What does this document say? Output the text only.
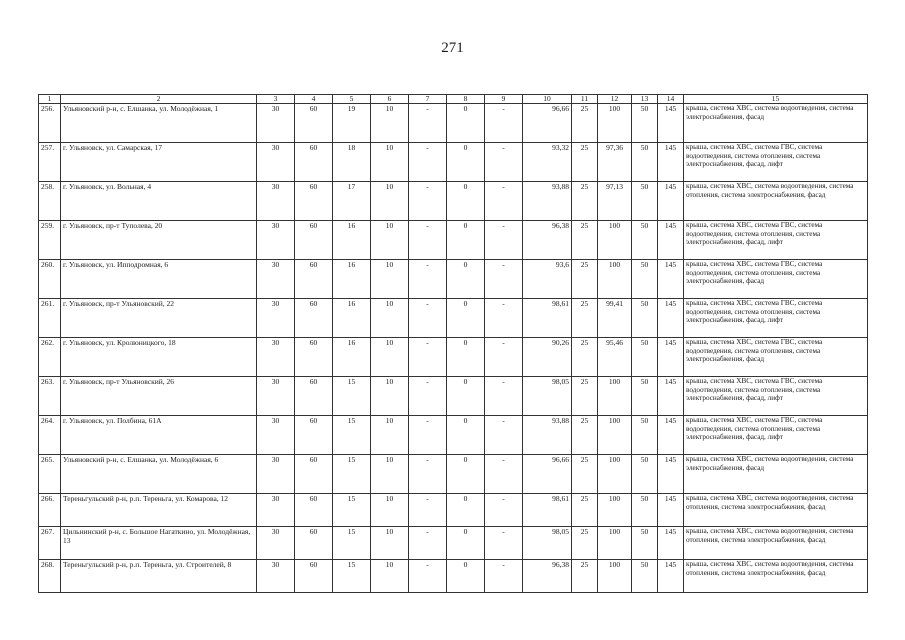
271
1	2	3	4	5	6	7	8	9	10	11	12	13	14	15
256.	Ульяновский р-н, с. Елшанка, ул. Молодёжная, 1	30	60	19	10	-	0	-	96,66	25	100	50	145	крыша, система ХВС, система водоотведения, система электроснабжения, фасад
257.	г. Ульяновск, ул. Самарская, 17	30	60	18	10	-	0	-	93,32	25	97,36	50	145	крыша, система ХВС, система ГВС, система водоотведения, система отопления, система электроснабжения, фасад, лифт
258.	г. Ульяновск, ул. Вольная, 4	30	60	17	10	-	0	-	93,88	25	97,13	50	145	крыша, система ХВС, система водоотведения, система отопления, система электроснабжения, фасад
259.	г. Ульяновск, пр-т Туполева, 20	30	60	16	10	-	0	-	96,38	25	100	50	145	крыша, система ХВС, система ГВС, система водоотведения, система отопления, система электроснабжения, фасад, лифт
260.	г. Ульяновск, ул. Ипподромная, 6	30	60	16	10	-	0	-	93,6	25	100	50	145	крыша, система ХВС, система ГВС, система водоотведения, система отопления, система электроснабжения, фасад
261.	г. Ульяновск, пр-т Ульяновский, 22	30	60	16	10	-	0	-	98,61	25	99,41	50	145	крыша, система ХВС, система ГВС, система водоотведения, система отопления, система электроснабжения, фасад, лифт
262.	г. Ульяновск, ул. Кролюницкого, 18	30	60	16	10	-	0	-	90,26	25	95,46	50	145	крыша, система ХВС, система ГВС, система водоотведения, система отопления, система электроснабжения, фасад
263.	г. Ульяновск, пр-т Ульяновский, 26	30	60	15	10	-	0	-	98,05	25	100	50	145	крыша, система ХВС, система ГВС, система водоотведения, система отопления, система электроснабжения, фасад, лифт
264.	г. Ульяновск, ул. Полбина, 61А	30	60	15	10	-	0	-	93,88	25	100	50	145	крыша, система ХВС, система ГВС, система водоотведения, система отопления, система электроснабжения, фасад, лифт
265.	Ульяновский р-н, с. Елшанка, ул. Молодёжная, 6	30	60	15	10	-	0	-	96,66	25	100	50	145	крыша, система ХВС, система водоотведения, система электроснабжения, фасад
266.	Тереньгульский р-н, р.п. Тереньга, ул. Комарова, 12	30	60	15	10	-	0	-	98,61	25	100	50	145	крыша, система ХВС, система водоотведения, система отопления, система электроснабжения, фасад
267.	Цильнинский р-н, с. Большое Нагаткино, ул. Молодёжная, 13	30	60	15	10	-	0	-	98,05	25	100	50	145	крыша, система ХВС, система водоотведения, система отопления, система электроснабжения, фасад
268.	Тереньгульский р-н, р.п. Тереньга, ул. Строителей, 8	30	60	15	10	-	0	-	96,38	25	100	50	145	крыша, система ХВС, система водоотведения, система отопления, система электроснабжения, фасад
